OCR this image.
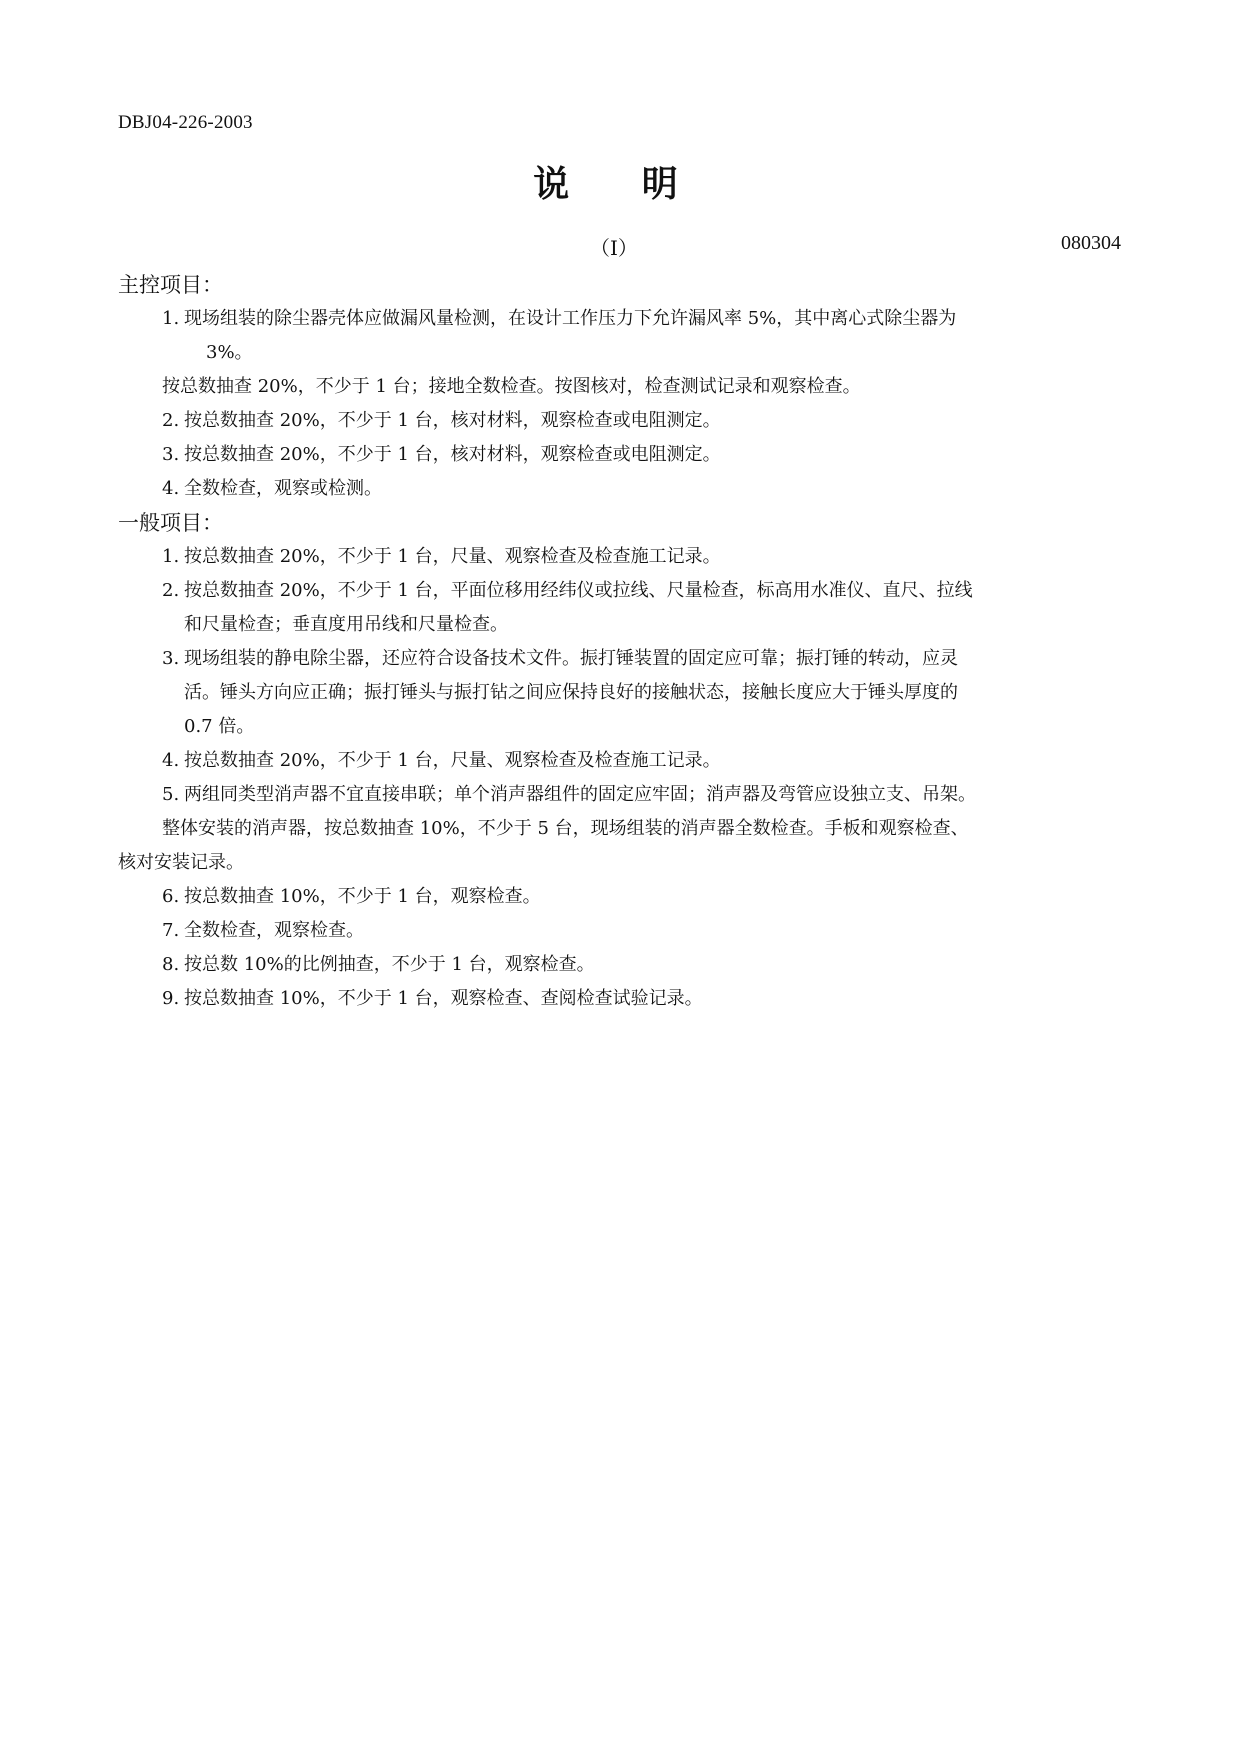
DBJ04-226-2003
说 明
（Ⅰ）	080304
主控项目：
1. 现场组装的除尘器壳体应做漏风量检测，在设计工作压力下允许漏风率 5%，其中离心式除尘器为
3%。
按总数抽查 20%，不少于 1 台；接地全数检查。按图核对，检查测试记录和观察检查。
2. 按总数抽查 20%，不少于 1 台，核对材料，观察检查或电阻测定。
3. 按总数抽查 20%，不少于 1 台，核对材料，观察检查或电阻测定。
4. 全数检查，观察或检测。
一般项目：
1. 按总数抽查 20%，不少于 1 台，尺量、观察检查及检查施工记录。
2. 按总数抽查 20%，不少于 1 台，平面位移用经纬仪或拉线、尺量检查，标高用水准仪、直尺、拉线
和尺量检查；垂直度用吊线和尺量检查。
3. 现场组装的静电除尘器，还应符合设备技术文件。振打锤装置的固定应可靠；振打锤的转动，应灵
活。锤头方向应正确；振打锤头与振打钻之间应保持良好的接触状态，接触长度应大于锤头厚度的
0.7 倍。
4. 按总数抽查 20%，不少于 1 台，尺量、观察检查及检查施工记录。
5. 两组同类型消声器不宜直接串联；单个消声器组件的固定应牢固；消声器及弯管应设独立支、吊架。
整体安装的消声器，按总数抽查 10%，不少于 5 台，现场组装的消声器全数检查。手板和观察检查、
核对安装记录。
6. 按总数抽查 10%，不少于 1 台，观察检查。
7. 全数检查，观察检查。
8. 按总数 10%的比例抽查，不少于 1 台，观察检查。
9. 按总数抽查 10%，不少于 1 台，观察检查、查阅检查试验记录。
